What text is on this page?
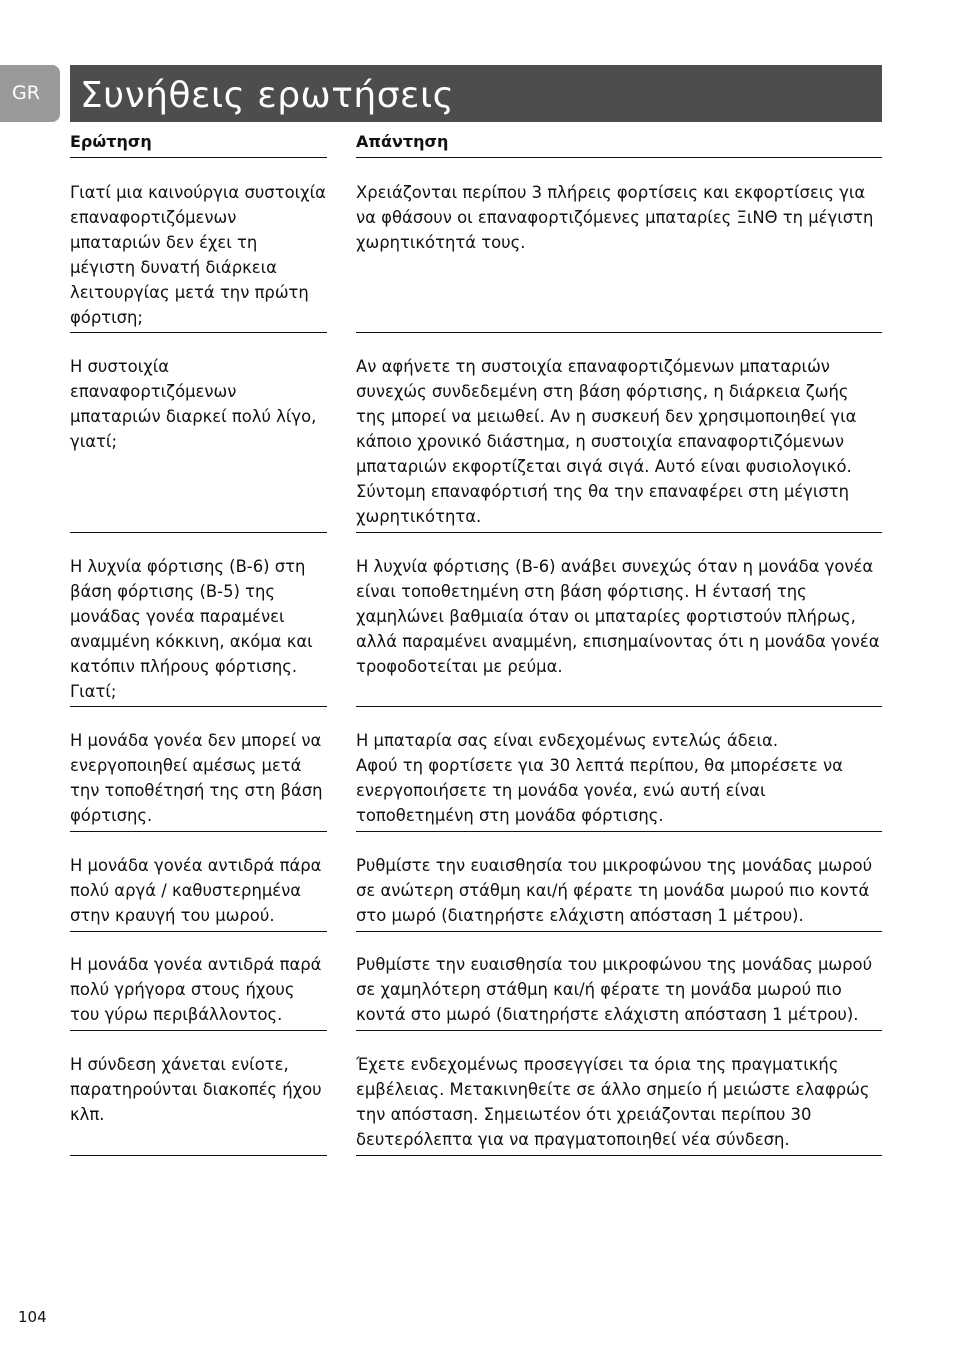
GR	Συνήθεις ερωτήσεις
Ερώτηση	Απάντηση
Γιατί μια καινούργια συστοιχία επαναφορτιζόμενων μπαταριών δεν έχει τη μέγιστη δυνατή διάρκεια λειτουργίας μετά την πρώτη φόρτιση;
Χρειάζονται περίπου 3 πλήρεις φορτίσεις και εκφορτίσεις για να φθάσουν οι επαναφορτιζόμενες μπαταρίες ΞιΝΘ τη μέγιστη χωρητικότητά τους.
Η συστοιχία επαναφορτιζόμενων μπαταριών διαρκεί πολύ λίγο, γιατί;
Αν αφήνετε τη συστοιχία επαναφορτιζόμενων μπαταριών συνεχώς συνδεδεμένη στη βάση φόρτισης, η διάρκεια ζωής της μπορεί να μειωθεί. Αν η συσκευή δεν χρησιμοποιηθεί για κάποιο χρονικό διάστημα, η συστοιχία επαναφορτιζόμενων μπαταριών εκφορτίζεται σιγά σιγά. Αυτό είναι φυσιολογικό. Σύντομη επαναφόρτισή της θα την επαναφέρει στη μέγιστη χωρητικότητα.
Η λυχνία φόρτισης (B-6) στη βάση φόρτισης (B-5) της μονάδας γονέα παραμένει αναμμένη κόκκινη, ακόμα και κατόπιν πλήρους φόρτισης. Γιατί;
Η λυχνία φόρτισης (B-6) ανάβει συνεχώς όταν η μονάδα γονέα είναι τοποθετημένη στη βάση φόρτισης. Η έντασή της χαμηλώνει βαθμιαία όταν οι μπαταρίες φορτιστούν πλήρως, αλλά παραμένει αναμμένη, επισημαίνοντας ότι η μονάδα γονέα τροφοδοτείται με ρεύμα.
Η μονάδα γονέα δεν μπορεί να ενεργοποιηθεί αμέσως μετά την τοποθέτησή της στη βάση φόρτισης.
Η μπαταρία σας είναι ενδεχομένως εντελώς άδεια.
Αφού τη φορτίσετε για 30 λεπτά περίπου, θα μπορέσετε να ενεργοποιήσετε τη μονάδα γονέα, ενώ αυτή είναι τοποθετημένη στη μονάδα φόρτισης.
Η μονάδα γονέα αντιδρά πάρα πολύ αργά / καθυστερημένα στην κραυγή του μωρού.
Ρυθμίστε την ευαισθησία του μικροφώνου της μονάδας μωρού σε ανώτερη στάθμη και/ή φέρατε τη μονάδα μωρού πιο κοντά στο μωρό (διατηρήστε ελάχιστη απόσταση 1 μέτρου).
Η μονάδα γονέα αντιδρά παρά πολύ γρήγορα στους ήχους του γύρω περιβάλλοντος.
Ρυθμίστε την ευαισθησία του μικροφώνου της μονάδας μωρού σε χαμηλότερη στάθμη και/ή φέρατε τη μονάδα μωρού πιο κοντά στο μωρό (διατηρήστε ελάχιστη απόσταση 1 μέτρου).
Η σύνδεση χάνεται ενίοτε, παρατηρούνται διακοπές ήχου κλπ.
Έχετε ενδεχομένως προσεγγίσει τα όρια της πραγματικής εμβέλειας. Μετακινηθείτε σε άλλο σημείο ή μειώστε ελαφρώς την απόσταση. Σημειωτέον ότι χρειάζονται περίπου 30 δευτερόλεπτα για να πραγματοποιηθεί νέα σύνδεση.
104
